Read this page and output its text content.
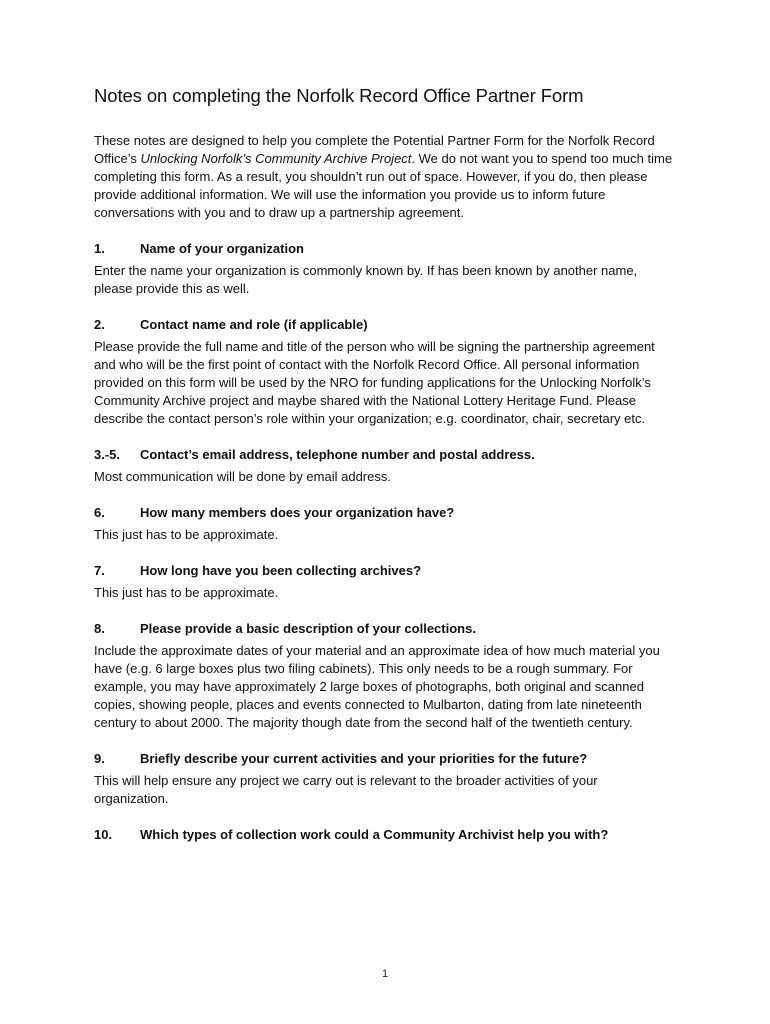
Notes on completing the Norfolk Record Office Partner Form

These notes are designed to help you complete the Potential Partner Form for the Norfolk Record Office’s Unlocking Norfolk’s Community Archive Project. We do not want you to spend too much time completing this form. As a result, you shouldn’t run out of space. However, if you do, then please provide additional information. We will use the information you provide us to inform future conversations with you and to draw up a partnership agreement.

1.	Name of your organization

Enter the name your organization is commonly known by. If has been known by another name, please provide this as well.

2.	Contact name and role (if applicable)

Please provide the full name and title of the person who will be signing the partnership agreement and who will be the first point of contact with the Norfolk Record Office. All personal information provided on this form will be used by the NRO for funding applications for the Unlocking Norfolk’s Community Archive project and maybe shared with the National Lottery Heritage Fund. Please describe the contact person’s role within your organization; e.g. coordinator, chair, secretary etc.

3.-5.	Contact’s email address, telephone number and postal address.

Most communication will be done by email address.

6.	How many members does your organization have?

This just has to be approximate.

7.	How long have you been collecting archives?

This just has to be approximate.

8.	Please provide a basic description of your collections.

Include the approximate dates of your material and an approximate idea of how much material you have (e.g. 6 large boxes plus two filing cabinets). This only needs to be a rough summary. For example, you may have approximately 2 large boxes of photographs, both original and scanned copies, showing people, places and events connected to Mulbarton, dating from late nineteenth century to about 2000. The majority though date from the second half of the twentieth century.

9.	Briefly describe your current activities and your priorities for the future?

This will help ensure any project we carry out is relevant to the broader activities of your organization.

10.	Which types of collection work could a Community Archivist help you with?
1
